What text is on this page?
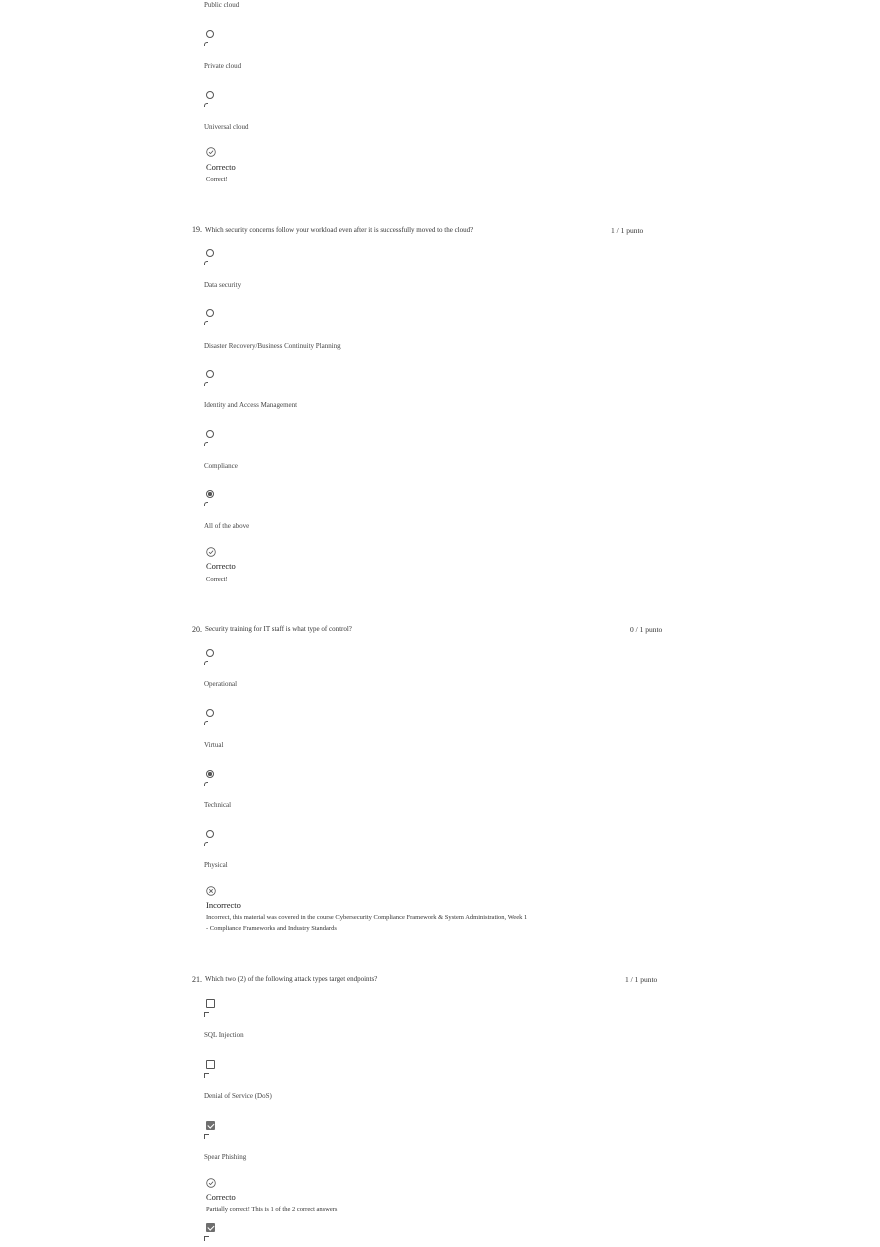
Public cloud
Private cloud
Universal cloud
Correcto
Correct!
19. Which security concerns follow your workload even after it is successfully moved to the cloud?	1 / 1 punto
Data security
Disaster Recovery/Business Continuity Planning
Identity and Access Management
Compliance
All of the above
Correcto
Correct!
20. Security training for IT staff is what type of control?	0 / 1 punto
Operational
Virtual
Technical
Physical
Incorrecto
Incorrect, this material was covered in the course Cybersecurity Compliance Framework & System Administration, Week 1
- Compliance Frameworks and Industry Standards
21. Which two (2) of the following attack types target endpoints?	1 / 1 punto
SQL Injection
Denial of Service (DoS)
Spear Phishing
Correcto
Partially correct! This is 1 of the 2 correct answers
